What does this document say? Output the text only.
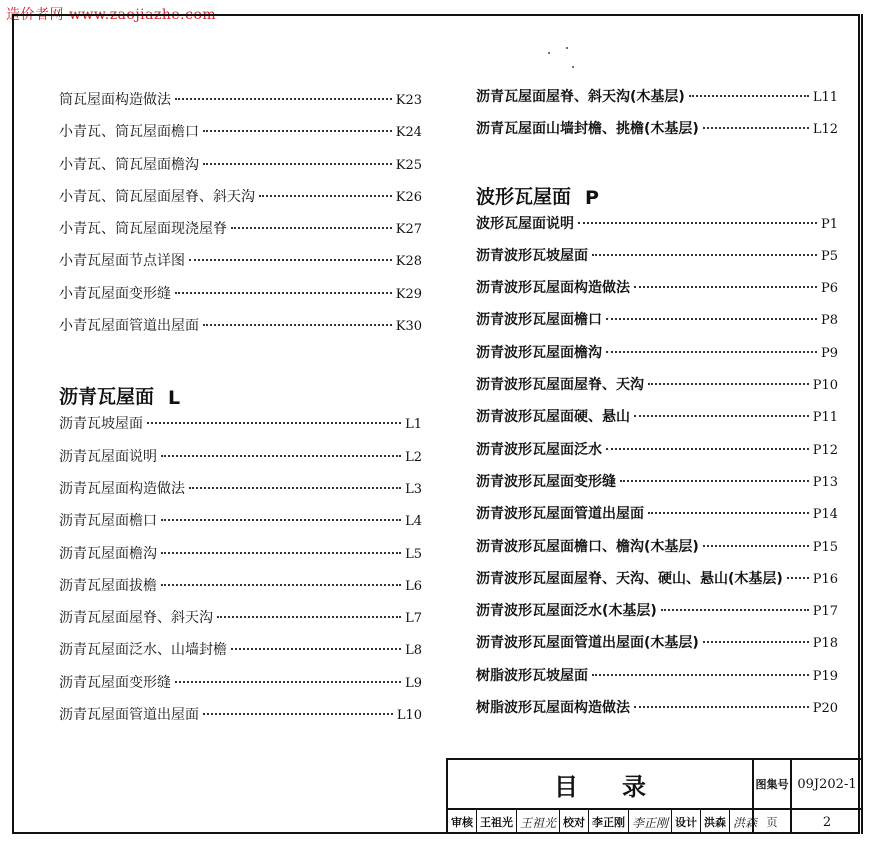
造价者网 www.zaojiazhe.com
筒瓦屋面构造做法	K23
小青瓦、筒瓦屋面檐口	K24
小青瓦、筒瓦屋面檐沟	K25
小青瓦、筒瓦屋面屋脊、斜天沟	K26
小青瓦、筒瓦屋面现浇屋脊	K27
小青瓦屋面节点详图	K28
小青瓦屋面变形缝	K29
小青瓦屋面管道出屋面	K30
沥青瓦屋面 L
沥青瓦坡屋面	L1
沥青瓦屋面说明	L2
沥青瓦屋面构造做法	L3
沥青瓦屋面檐口	L4
沥青瓦屋面檐沟	L5
沥青瓦屋面拔檐	L6
沥青瓦屋面屋脊、斜天沟	L7
沥青瓦屋面泛水、山墙封檐	L8
沥青瓦屋面变形缝	L9
沥青瓦屋面管道出屋面	L10
沥青瓦屋面屋脊、斜天沟(木基层)	L11
沥青瓦屋面山墙封檐、挑檐(木基层)	L12
波形瓦屋面 P
波形瓦屋面说明	P1
沥青波形瓦坡屋面	P5
沥青波形瓦屋面构造做法	P6
沥青波形瓦屋面檐口	P8
沥青波形瓦屋面檐沟	P9
沥青波形瓦屋面屋脊、天沟	P10
沥青波形瓦屋面硬、悬山	P11
沥青波形瓦屋面泛水	P12
沥青波形瓦屋面变形缝	P13
沥青波形瓦屋面管道出屋面	P14
沥青波形瓦屋面檐口、檐沟(木基层)	P15
沥青波形瓦屋面屋脊、天沟、硬山、悬山(木基层) P16
沥青波形瓦屋面泛水(木基层)	P17
沥青波形瓦屋面管道出屋面(木基层)	P18
树脂波形瓦坡屋面	P19
树脂波形瓦屋面构造做法	P20
目录	图集号 09J202-1
审核 王祖光 王祖光 校对 李正刚 李正刚 设计 洪森 洪森 页	2
